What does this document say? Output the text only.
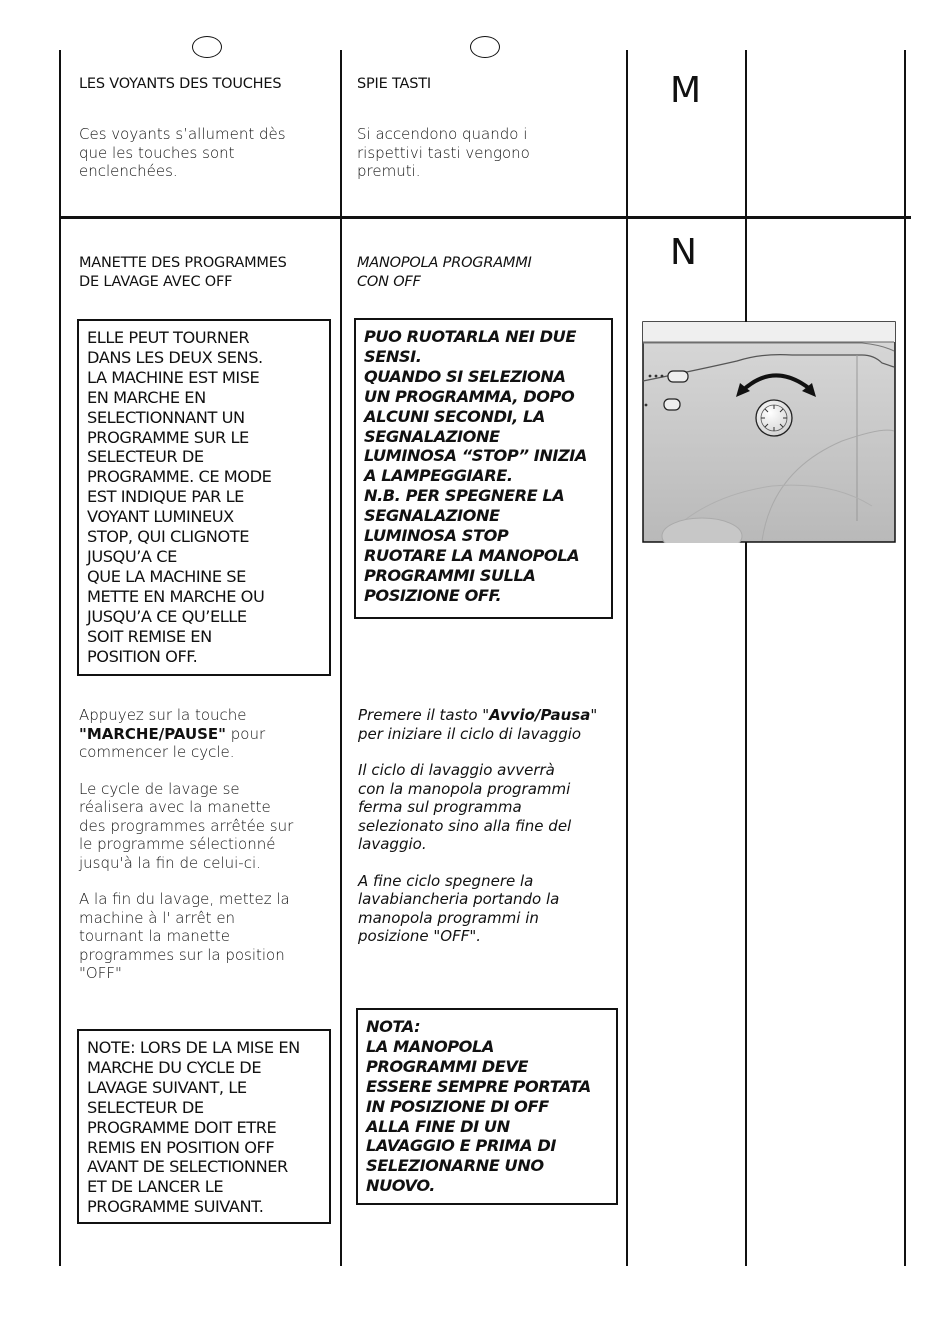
LES VOYANTS DES TOUCHES
Ces voyants s’allument dès
que les touches sont
enclenchées.
SPIE TASTI
Si accendono quando i
rispettivi tasti vengono
premuti.
M
MANETTE DES PROGRAMMES
DE LAVAGE AVEC OFF
MANOPOLA PROGRAMMI
CON OFF
N
ELLE PEUT TOURNER
DANS LES DEUX SENS.
LA MACHINE EST MISE
EN MARCHE EN
SELECTIONNANT UN
PROGRAMME SUR LE
SELECTEUR DE
PROGRAMME. CE MODE
EST INDIQUE PAR LE
VOYANT LUMINEUX
STOP, QUI CLIGNOTE
JUSQU’A CE
QUE LA MACHINE SE
METTE EN MARCHE OU
JUSQU’A CE QU’ELLE
SOIT REMISE EN
POSITION OFF.
PUO RUOTARLA NEI DUE
SENSI.
QUANDO SI SELEZIONA
UN PROGRAMMA, DOPO
ALCUNI SECONDI, LA
SEGNALAZIONE
LUMINOSA “STOP” INIZIA
A LAMPEGGIARE.
N.B. PER SPEGNERE LA
SEGNALAZIONE
LUMINOSA STOP
RUOTARE LA MANOPOLA
PROGRAMMI SULLA
POSIZIONE OFF.

Appuyez sur la touche
"MARCHE/PAUSE" pour
commencer le cycle.

Le cycle de lavage se
réalisera avec la manette
des programmes arrêtée sur
le programme sélectionné
jusqu'à la fin de celui-ci.

A la fin du lavage, mettez la
machine à l' arrêt en
tournant la manette
programmes sur la position
"OFF"

Premere il tasto "Avvio/Pausa"
per iniziare il ciclo di lavaggio

Il ciclo di lavaggio avverrà
con la manopola programmi
ferma sul programma
selezionato sino alla fine del
lavaggio.

A fine ciclo spegnere la
lavabiancheria portando la
manopola programmi in
posizione "OFF".

NOTE: LORS DE LA MISE EN
MARCHE DU CYCLE DE
LAVAGE SUIVANT, LE
SELECTEUR DE
PROGRAMME DOIT ETRE
REMIS EN POSITION OFF
AVANT DE SELECTIONNER
ET DE LANCER LE
PROGRAMME SUIVANT.
NOTA:
LA MANOPOLA
PROGRAMMI DEVE
ESSERE SEMPRE PORTATA
IN POSIZIONE DI OFF
ALLA FINE DI UN
LAVAGGIO E PRIMA DI
SELEZIONARNE UNO
NUOVO.
